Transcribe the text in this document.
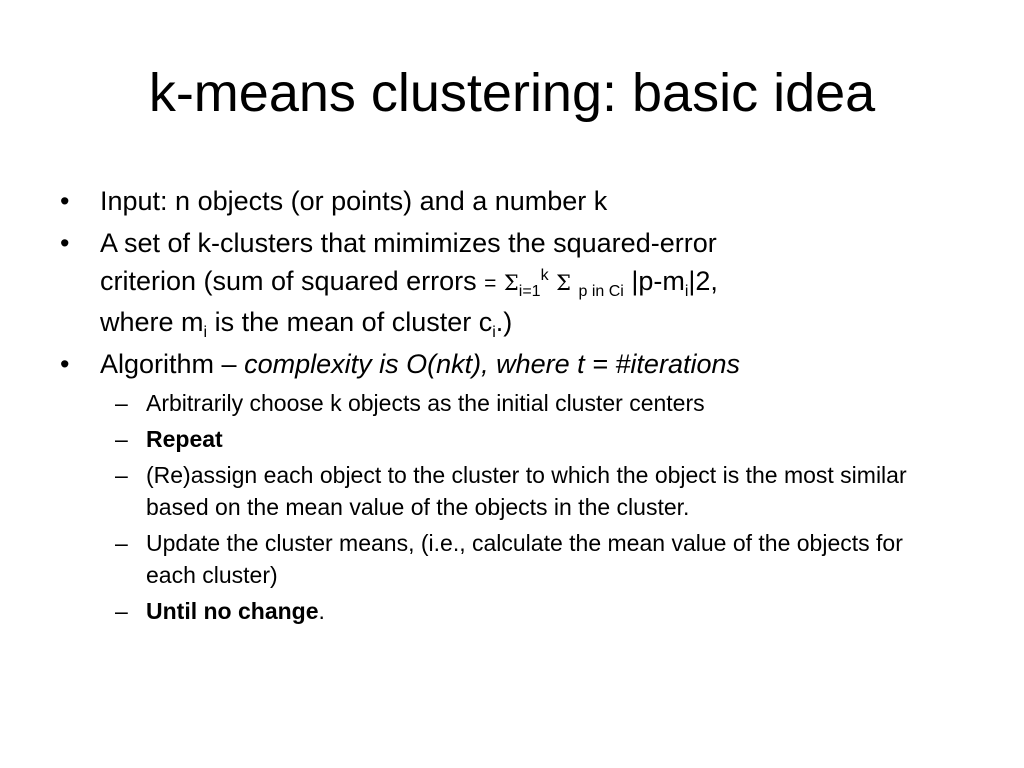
k-means clustering: basic idea
• Input: n objects (or points) and a number k
• A set of k-clusters that mimimizes the squared-error
criterion (sum of squared errors = $\Sigma_{i=1}^k$ Σ $_{p in Ci}$ $|p-m_i|2$,
where $m_i$ is the mean of cluster $c_i$.)
• Algorithm – complexity is O(nkt), where t = #iterations
– Arbitrarily choose k objects as the initial cluster centers
– Repeat
– (Re)assign each object to the cluster to which the object is the most similar based on the mean value of the objects in the cluster.
– Update the cluster means, (i.e., calculate the mean value of the objects for each cluster)
– Until no change.
